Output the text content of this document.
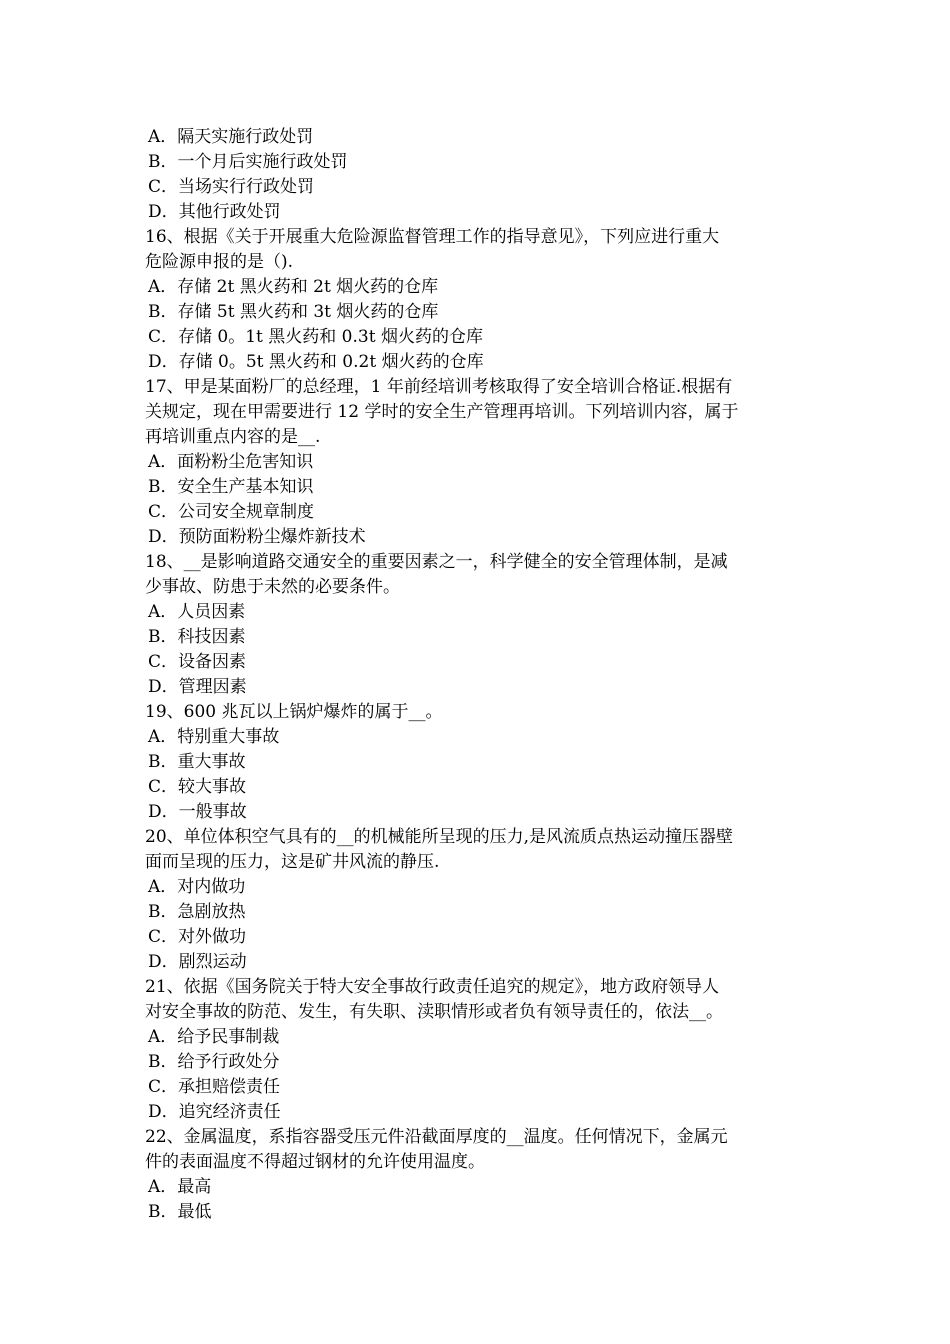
A．隔天实施行政处罚
B．一个月后实施行政处罚
C．当场实行行政处罚
D．其他行政处罚
16、根据《关于开展重大危险源监督管理工作的指导意见》，下列应进行重大
危险源申报的是（).
A．存储 2t 黑火药和 2t 烟火药的仓库
B．存储 5t 黑火药和 3t 烟火药的仓库
C．存储 0。1t 黑火药和 0.3t 烟火药的仓库
D．存储 0。5t 黑火药和 0.2t 烟火药的仓库
17、甲是某面粉厂的总经理，1 年前经培训考核取得了安全培训合格证.根据有
关规定，现在甲需要进行 12 学时的安全生产管理再培训。下列培训内容，属于
再培训重点内容的是__.
A．面粉粉尘危害知识
B．安全生产基本知识
C．公司安全规章制度
D．预防面粉粉尘爆炸新技术
18、__是影响道路交通安全的重要因素之一，科学健全的安全管理体制，是减
少事故、防患于未然的必要条件。
A．人员因素
B．科技因素
C．设备因素
D．管理因素
19、600 兆瓦以上锅炉爆炸的属于__。
A．特别重大事故
B．重大事故
C．较大事故
D．一般事故
20、单位体积空气具有的__的机械能所呈现的压力,是风流质点热运动撞压器壁
面而呈现的压力，这是矿井风流的静压.
A．对内做功
B．急剧放热
C．对外做功
D．剧烈运动
21、依据《国务院关于特大安全事故行政责任追究的规定》，地方政府领导人
对安全事故的防范、发生，有失职、渎职情形或者负有领导责任的，依法__。
A．给予民事制裁
B．给予行政处分
C．承担赔偿责任
D．追究经济责任
22、金属温度，系指容器受压元件沿截面厚度的__温度。任何情况下，金属元
件的表面温度不得超过钢材的允许使用温度。
A．最高
B．最低
